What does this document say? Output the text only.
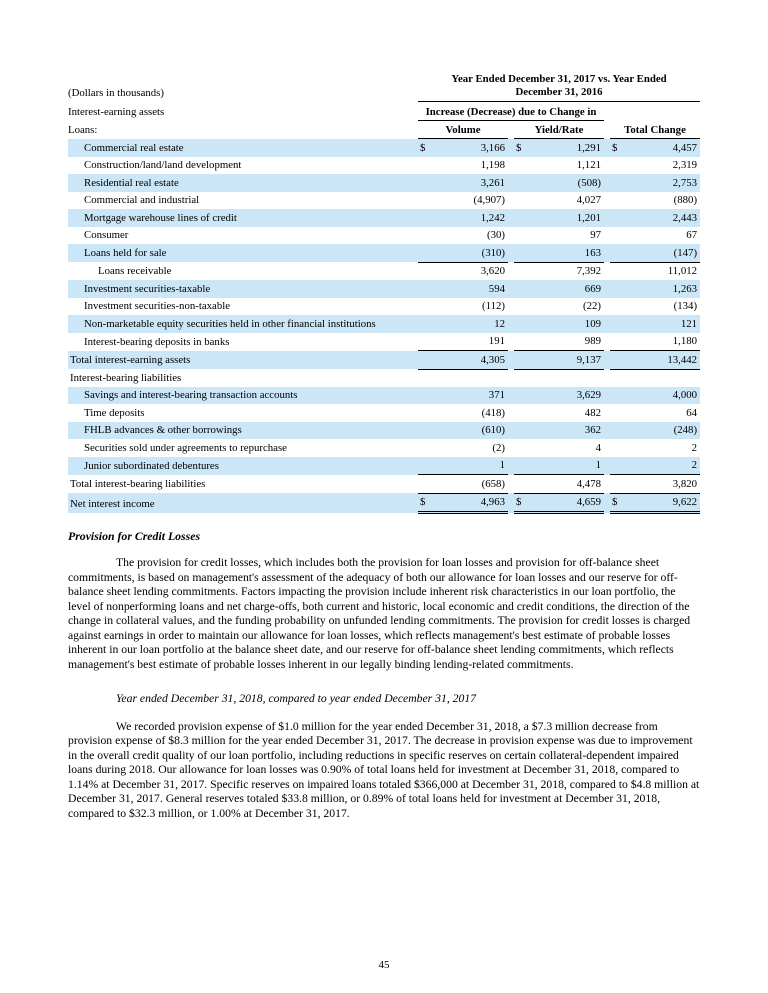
(Dollars in thousands)	Year Ended December 31, 2017 vs. Year Ended December 31, 2016				
Interest-earning assets	Increase (Decrease) due to Change in				
Loans:	Volume		Yield/Rate		Total Change
Commercial real estate	$ 3,166		$ 1,291		$ 4,457
Construction/land/land development	1,198		1,121		2,319
Residential real estate	3,261		(508)		2,753
Commercial and industrial	(4,907)		4,027		(880)
Mortgage warehouse lines of credit	1,242		1,201		2,443
Consumer	(30)		97		67
Loans held for sale	(310)		163		(147)
Loans receivable	3,620		7,392		11,012
Investment securities-taxable	594		669		1,263
Investment securities-non-taxable	(112)		(22)		(134)
Non-marketable equity securities held in other financial institutions	12		109		121
Interest-bearing deposits in banks	191		989		1,180
Total interest-earning assets	4,305		9,137		13,442
Interest-bearing liabilities					
Savings and interest-bearing transaction accounts	371		3,629		4,000
Time deposits	(418)		482		64
FHLB advances & other borrowings	(610)		362		(248)
Securities sold under agreements to repurchase	(2)		4		2
Junior subordinated debentures	1		1		2
Total interest-bearing liabilities	(658)		4,478		3,820
Net interest income	$ 4,963		$ 4,659		$ 9,622
Provision for Credit Losses

The provision for credit losses, which includes both the provision for loan losses and provision for off-balance sheet commitments, is based on management's assessment of the adequacy of both our allowance for loan losses and our reserve for off-balance sheet lending commitments. Factors impacting the provision include inherent risk characteristics in our loan portfolio, the level of nonperforming loans and net charge-offs, both current and historic, local economic and credit conditions, the direction of the change in collateral values, and the funding probability on unfunded lending commitments. The provision for credit losses is charged against earnings in order to maintain our allowance for loan losses, which reflects management's best estimate of probable losses inherent in our loan portfolio at the balance sheet date, and our reserve for off-balance sheet lending commitments, which reflects management's best estimate of probable losses inherent in our legally binding lending-related commitments.

Year ended December 31, 2018, compared to year ended December 31, 2017

We recorded provision expense of $1.0 million for the year ended December 31, 2018, a $7.3 million decrease from provision expense of $8.3 million for the year ended December 31, 2017. The decrease in provision expense was due to improvement in the overall credit quality of our loan portfolio, including reductions in specific reserves on certain collateral-dependent impaired loans during 2018. Our allowance for loan losses was 0.90% of total loans held for investment at December 31, 2018, compared to 1.14% at December 31, 2017. Specific reserves on impaired loans totaled $366,000 at December 31, 2018, compared to $4.8 million at December 31, 2017. General reserves totaled $33.8 million, or 0.89% of total loans held for investment at December 31, 2018, compared to $32.3 million, or 1.00% at December 31, 2017.

45
